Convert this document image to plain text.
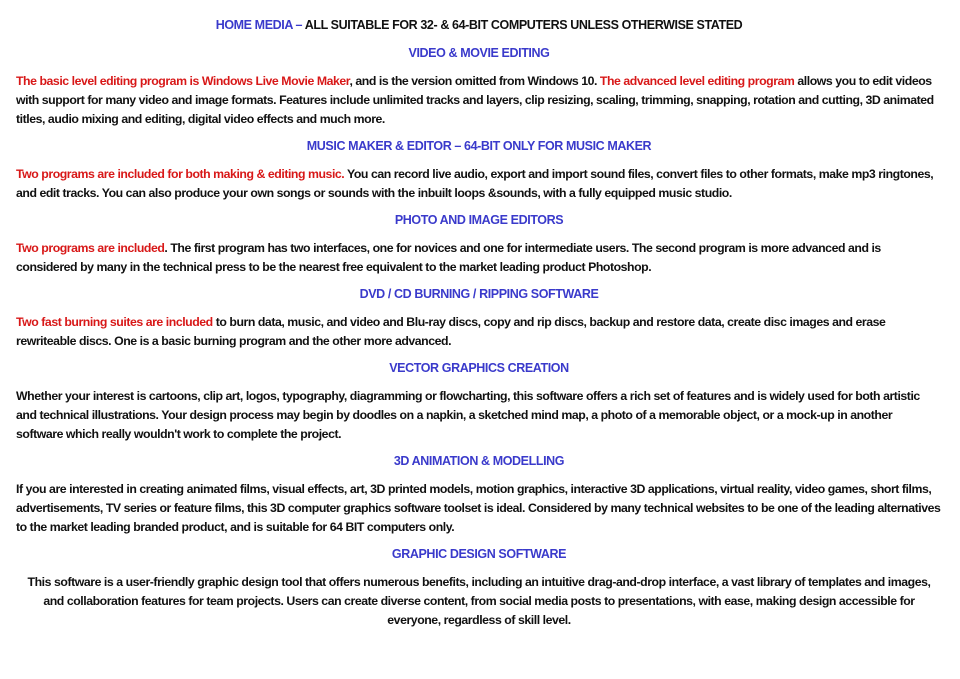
HOME MEDIA – ALL SUITABLE FOR 32- & 64-BIT COMPUTERS UNLESS OTHERWISE STATED
VIDEO & MOVIE EDITING

The basic level editing program is Windows Live Movie Maker, and is the version omitted from Windows 10. The advanced level editing program allows you to edit videos with support for many video and image formats. Features include unlimited tracks and layers, clip resizing, scaling, trimming, snapping, rotation and cutting, 3D animated titles, audio mixing and editing, digital video effects and much more.

MUSIC MAKER & EDITOR – 64-BIT ONLY FOR MUSIC MAKER

Two programs are included for both making & editing music. You can record live audio, export and import sound files, convert files to other formats, make mp3 ringtones, and edit tracks. You can also produce your own songs or sounds with the inbuilt loops &sounds, with a fully equipped music studio.

PHOTO AND IMAGE EDITORS

Two programs are included. The first program has two interfaces, one for novices and one for intermediate users. The second program is more advanced and is considered by many in the technical press to be the nearest free equivalent to the market leading product Photoshop.

DVD / CD BURNING / RIPPING SOFTWARE

Two fast burning suites are included to burn data, music, and video and Blu-ray discs, copy and rip discs, backup and restore data, create disc images and erase rewriteable discs. One is a basic burning program and the other more advanced.

VECTOR GRAPHICS CREATION

Whether your interest is cartoons, clip art, logos, typography, diagramming or flowcharting, this software offers a rich set of features and is widely used for both artistic and technical illustrations. Your design process may begin by doodles on a napkin, a sketched mind map, a photo of a memorable object, or a mock-up in another software which really wouldn't work to complete the project.

3D ANIMATION & MODELLING

If you are interested in creating animated films, visual effects, art, 3D printed models, motion graphics, interactive 3D applications, virtual reality, video games, short films, advertisements, TV series or feature films, this 3D computer graphics software toolset is ideal. Considered by many technical websites to be one of the leading alternatives to the market leading branded product, and is suitable for 64 BIT computers only.

GRAPHIC DESIGN SOFTWARE

This software is a user-friendly graphic design tool that offers numerous benefits, including an intuitive drag-and-drop interface, a vast library of templates and images, and collaboration features for team projects. Users can create diverse content, from social media posts to presentations, with ease, making design accessible for everyone, regardless of skill level.
